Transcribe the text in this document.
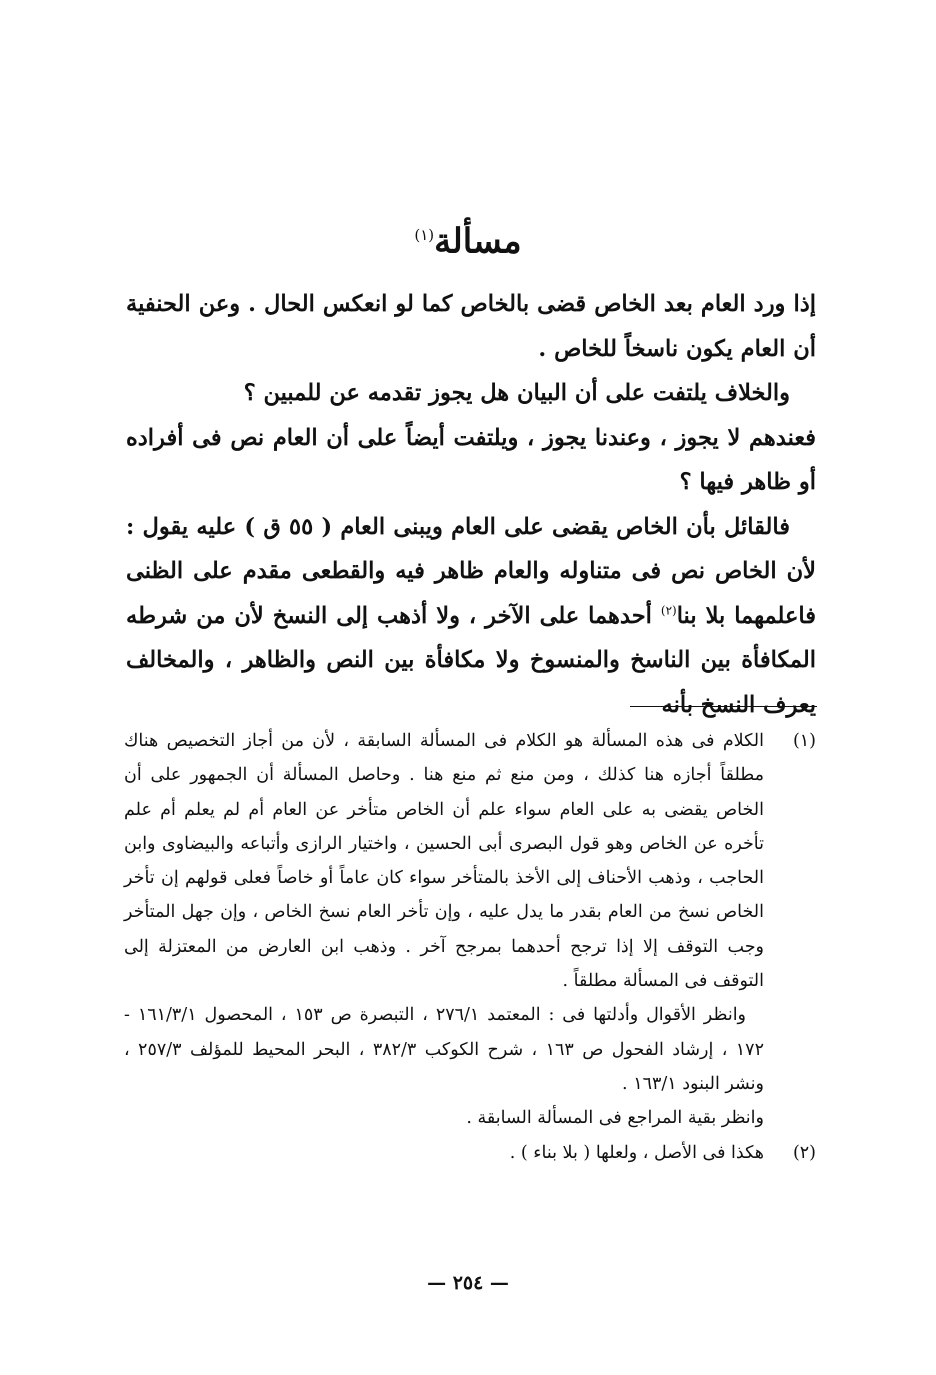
مسألة$^{(١)}$

إذا ورد العام بعد الخاص قضى بالخاص كما لو انعكس الحال . وعن الحنفية أن العام يكون ناسخاً للخاص .

والخلاف يلتفت على أن البيان هل يجوز تقدمه عن للمبين ؟

فعندهم لا يجوز ، وعندنا يجوز ، ويلتفت أيضاً على أن العام نص فى أفراده أو ظاهر فيها ؟

فالقائل بأن الخاص يقضى على العام ويبنى العام ( ٥٥ ق ) عليه يقول : لأن الخاص نص فى متناوله والعام ظاهر فيه والقطعى مقدم على الظنى فاعلمهما بلا بنا$^{(٢)}$ أحدهما على الآخر ، ولا أذهب إلى النسخ لأن من شرطه المكافأة بين الناسخ والمنسوخ ولا مكافأة بين النص والظاهر ، والمخالف يعرف النسخ بأنه

(١)

الكلام فى هذه المسألة هو الكلام فى المسألة السابقة ، لأن من أجاز التخصيص هناك مطلقاً أجازه هنا كذلك ، ومن منع ثم منع هنا . وحاصل المسألة أن الجمهور على أن الخاص يقضى به على العام سواء علم أن الخاص متأخر عن العام أم لم يعلم أم علم تأخره عن الخاص وهو قول البصرى أبى الحسين ، واختيار الرازى وأتباعه والبيضاوى وابن الحاجب ، وذهب الأحناف إلى الأخذ بالمتأخر سواء كان عاماً أو خاصاً فعلى قولهم إن تأخر الخاص نسخ من العام بقدر ما يدل عليه ، وإن تأخر العام نسخ الخاص ، وإن جهل المتأخر وجب التوقف إلا إذا ترجح أحدهما بمرجح آخر . وذهب ابن العارض من المعتزلة إلى التوقف فى المسألة مطلقاً .

وانظر الأقوال وأدلتها فى : المعتمد ٢٧٦/١ ، التبصرة ص ١٥٣ ، المحصول ١٦١/٣/١ - ١٧٢ ، إرشاد الفحول ص ١٦٣ ، شرح الكوكب ٣٨٢/٣ ، البحر المحيط للمؤلف ٢٥٧/٣ ، ونشر البنود ١٦٣/١ .

وانظر بقية المراجع فى المسألة السابقة .

(٢)

هكذا فى الأصل ، ولعلها ( بلا بناء ) .

— ٢٥٤ —
